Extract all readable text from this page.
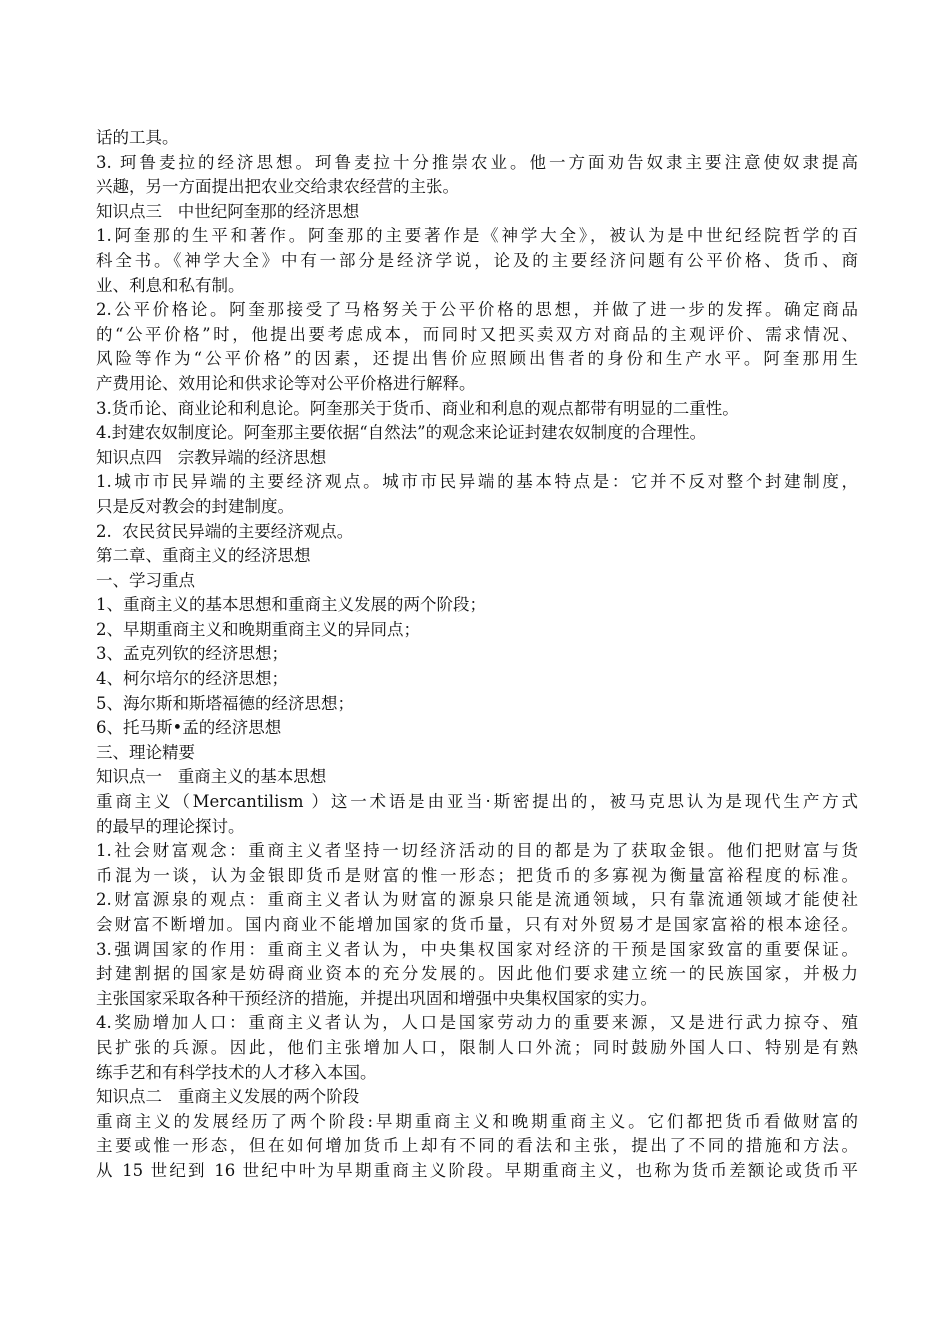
话的工具。
3. 珂鲁麦拉的经济思想。珂鲁麦拉十分推崇农业。他一方面劝告奴隶主要注意使奴隶提高
兴趣，另一方面提出把农业交给隶农经营的主张。
知识点三   中世纪阿奎那的经济思想
1.阿奎那的生平和著作。阿奎那的主要著作是《神学大全》，被认为是中世纪经院哲学的百
科全书。《神学大全》中有一部分是经济学说，论及的主要经济问题有公平价格、货币、商
业、利息和私有制。
2.公平价格论。阿奎那接受了马格努关于公平价格的思想，并做了进一步的发挥。确定商品
的“公平价格”时，他提出要考虑成本，而同时又把买卖双方对商品的主观评价、需求情况、
风险等作为“公平价格”的因素，还提出售价应照顾出售者的身份和生产水平。阿奎那用生
产费用论、效用论和供求论等对公平价格进行解释。
3.货币论、商业论和利息论。阿奎那关于货币、商业和利息的观点都带有明显的二重性。
4.封建农奴制度论。阿奎那主要依据“自然法”的观念来论证封建农奴制度的合理性。
知识点四   宗教异端的经济思想
1.城市市民异端的主要经济观点。城市市民异端的基本特点是：它并不反对整个封建制度，
只是反对教会的封建制度。
2.  农民贫民异端的主要经济观点。
第二章、重商主义的经济思想
一、学习重点
1、重商主义的基本思想和重商主义发展的两个阶段；
2、早期重商主义和晚期重商主义的异同点；
3、孟克列钦的经济思想；
4、柯尔培尔的经济思想；
5、海尔斯和斯塔福德的经济思想；
6、托马斯•孟的经济思想
三、理论精要
知识点一   重商主义的基本思想
重商主义（Mercantilism ）这一术语是由亚当·斯密提出的，被马克思认为是现代生产方式
的最早的理论探讨。
1.社会财富观念：重商主义者坚持一切经济活动的目的都是为了获取金银。他们把财富与货
币混为一谈，认为金银即货币是财富的惟一形态；把货币的多寡视为衡量富裕程度的标准。
2.财富源泉的观点：重商主义者认为财富的源泉只能是流通领域，只有靠流通领域才能使社
会财富不断增加。国内商业不能增加国家的货币量，只有对外贸易才是国家富裕的根本途径。
3.强调国家的作用：重商主义者认为，中央集权国家对经济的干预是国家致富的重要保证。
封建割据的国家是妨碍商业资本的充分发展的。因此他们要求建立统一的民族国家，并极力
主张国家采取各种干预经济的措施，并提出巩固和增强中央集权国家的实力。
4.奖励增加人口：重商主义者认为，人口是国家劳动力的重要来源，又是进行武力掠夺、殖
民扩张的兵源。因此，他们主张增加人口，限制人口外流；同时鼓励外国人口、特别是有熟
练手艺和有科学技术的人才移入本国。
知识点二   重商主义发展的两个阶段
重商主义的发展经历了两个阶段:早期重商主义和晚期重商主义。它们都把货币看做财富的
主要或惟一形态，但在如何增加货币上却有不同的看法和主张，提出了不同的措施和方法。
从 15 世纪到 16 世纪中叶为早期重商主义阶段。早期重商主义，也称为货币差额论或货币平
